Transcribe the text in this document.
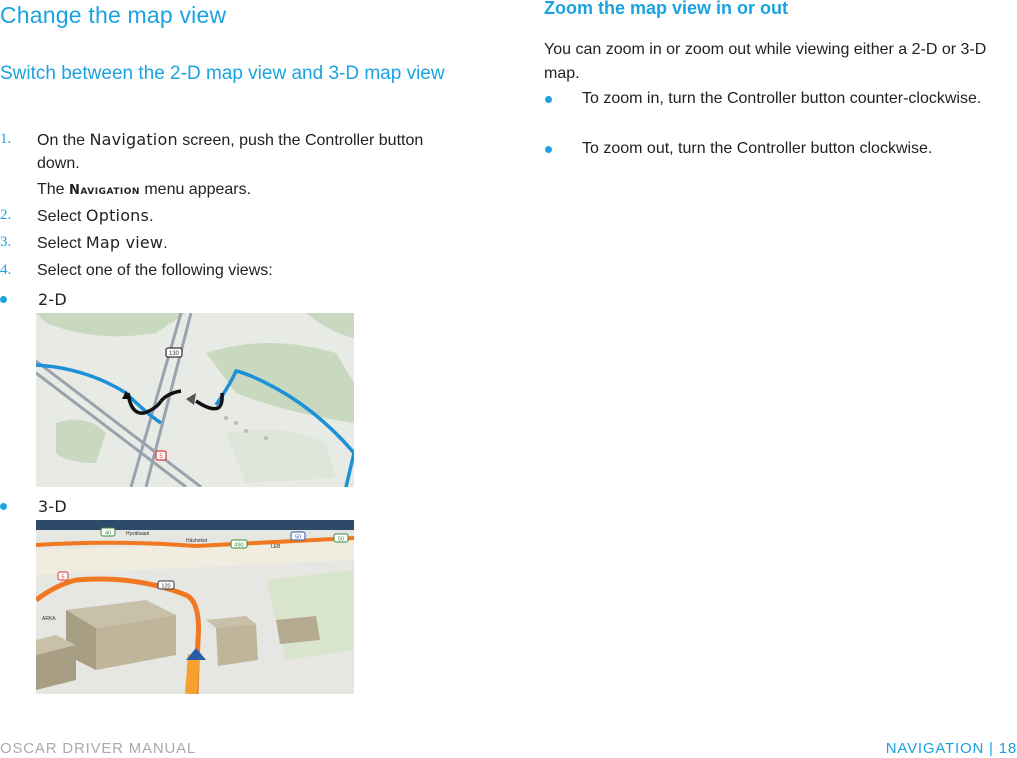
Change the map view
Switch between the 2-D map view and 3-D map view
1.	On the Navigation screen, push the Controller button down.
The Navigation menu appears.
2.	Select Options.
3.	Select Map view.
4.	Select one of the following views:
2-D
130
5
3-D
40
490
50	50
5
120
Hyvälsaari
Häsheket
ARKA
LEB
Zoom the map view in or out
You can zoom in or zoom out while viewing either a 2-D or 3-D map.
To zoom in, turn the Controller button counter-clockwise.
To zoom out, turn the Controller button clockwise.
OSCAR DRIVER MANUAL	NAVIGATION | 18
